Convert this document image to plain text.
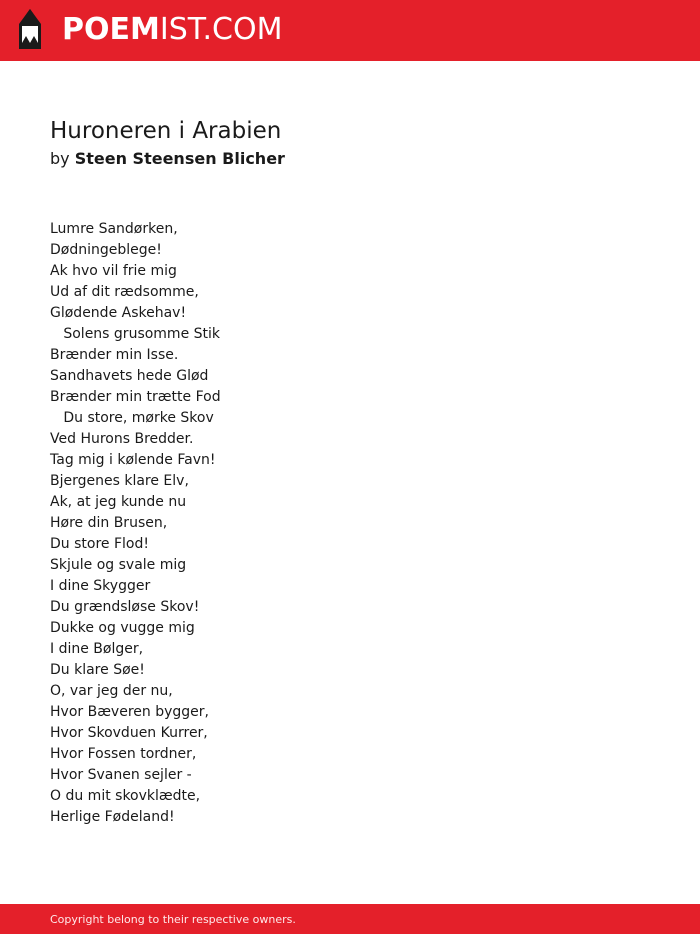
POEMIST.COM
Huroneren i Arabien
by Steen Steensen Blicher
Lumre Sandørken,
Dødningeblege!
Ak hvo vil frie mig
Ud af dit rædsomme,
Glødende Askehav!
Solens grusomme Stik
Brænder min Isse.
Sandhavets hede Glød
Brænder min trætte Fod
Du store, mørke Skov
Ved Hurons Bredder.
Tag mig i kølende Favn!
Bjergenes klare Elv,
Ak, at jeg kunde nu
Høre din Brusen,
Du store Flod!
Skjule og svale mig
I dine Skygger
Du grændsløse Skov!
Dukke og vugge mig
I dine Bølger,
Du klare Søe!
O, var jeg der nu,
Hvor Bæveren bygger,
Hvor Skovduen Kurrer,
Hvor Fossen tordner,
Hvor Svanen sejler -
O du mit skovklædte,
Herlige Fødeland!
Copyright belong to their respective owners.
